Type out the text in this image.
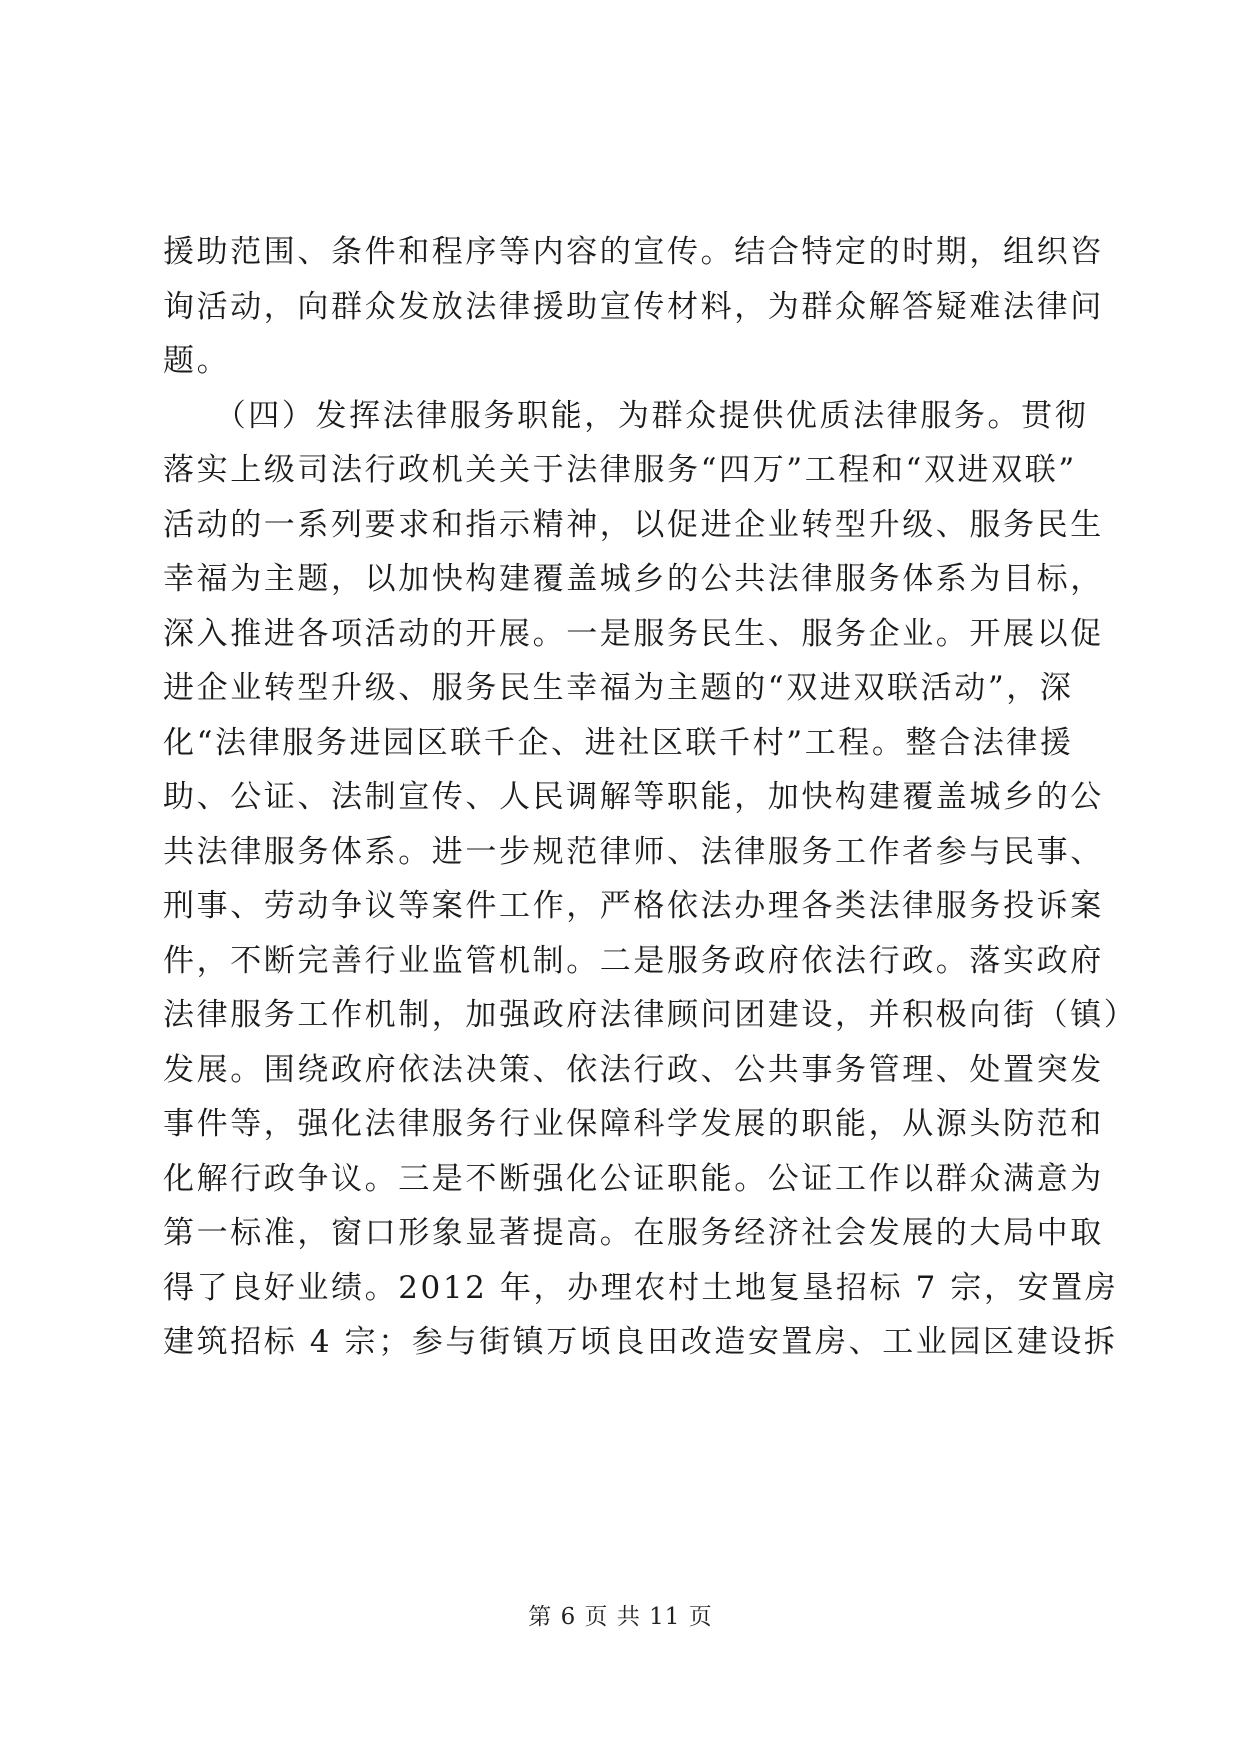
援助范围、条件和程序等内容的宣传。结合特定的时期，组织咨
询活动，向群众发放法律援助宣传材料，为群众解答疑难法律问
题。
　　（四）发挥法律服务职能，为群众提供优质法律服务。贯彻
落实上级司法行政机关关于法律服务“四万”工程和“双进双联”
活动的一系列要求和指示精神，以促进企业转型升级、服务民生
幸福为主题，以加快构建覆盖城乡的公共法律服务体系为目标，
深入推进各项活动的开展。一是服务民生、服务企业。开展以促
进企业转型升级、服务民生幸福为主题的“双进双联活动”，深
化“法律服务进园区联千企、进社区联千村”工程。整合法律援
助、公证、法制宣传、人民调解等职能，加快构建覆盖城乡的公
共法律服务体系。进一步规范律师、法律服务工作者参与民事、
刑事、劳动争议等案件工作，严格依法办理各类法律服务投诉案
件，不断完善行业监管机制。二是服务政府依法行政。落实政府
法律服务工作机制，加强政府法律顾问团建设，并积极向街（镇）
发展。围绕政府依法决策、依法行政、公共事务管理、处置突发
事件等，强化法律服务行业保障科学发展的职能，从源头防范和
化解行政争议。三是不断强化公证职能。公证工作以群众满意为
第一标准，窗口形象显著提高。在服务经济社会发展的大局中取
得了良好业绩。2012 年，办理农村土地复垦招标 7 宗，安置房
建筑招标 4 宗；参与街镇万顷良田改造安置房、工业园区建设拆
第 6 页 共 11 页
